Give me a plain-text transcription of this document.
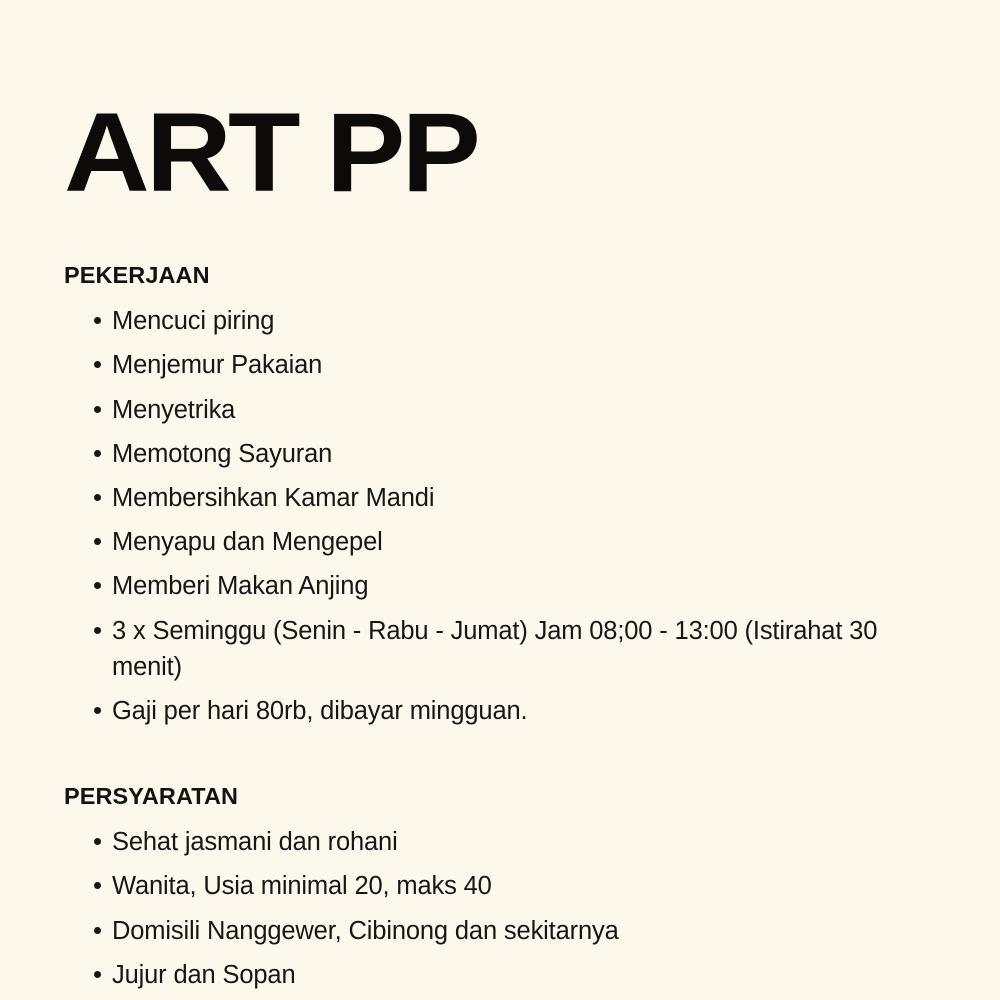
ART PP
PEKERJAAN
Mencuci piring
Menjemur Pakaian
Menyetrika
Memotong Sayuran
Membersihkan Kamar Mandi
Menyapu dan Mengepel
Memberi Makan Anjing
3 x Seminggu (Senin - Rabu - Jumat) Jam 08;00 - 13:00 (Istirahat 30 menit)
Gaji per hari 80rb, dibayar mingguan.
PERSYARATAN
Sehat jasmani dan rohani
Wanita, Usia minimal 20, maks 40
Domisili Nanggewer, Cibinong dan sekitarnya
Jujur dan Sopan
